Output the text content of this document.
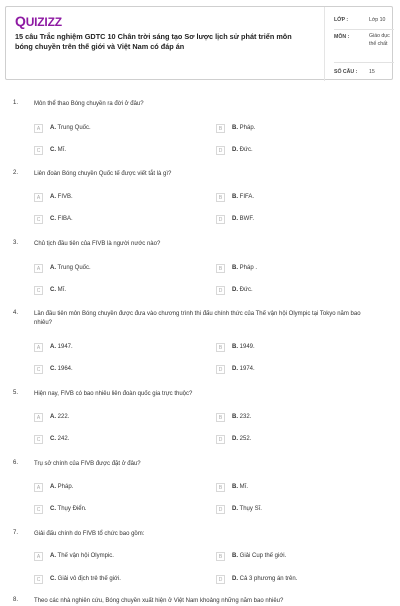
QUIZIZZ
15 câu Trắc nghiệm GDTC 10 Chân trời sáng tạo Sơ lược lịch sử phát triển môn bóng chuyền trên thế giới và Việt Nam có đáp án
LỚP :	Lớp 10
MÔN :	Giáo dục thể chất
SỐ CÂU : 15
1.	Môn thể thao Bóng chuyền ra đời ở đâu?
A	A. Trung Quốc.	B	B. Pháp.
C	C. Mĩ.	D	D. Đức.
2.	Liên đoàn Bóng chuyền Quốc tế được viết tắt là gì?
A	A. FIVB.	B	B. FIFA.
C	C. FIBA.	D	D. BWF.
3.	Chủ tịch đầu tiên của FIVB là người nước nào?
A	A. Trung Quốc.	B	B. Pháp .
C	C. Mĩ.	D	D. Đức.
4.	Lần đầu tiên môn Bóng chuyền được đưa vào chương trình thi đấu chính thức của Thế vận hội Olympic tại Tokyo năm bao nhiêu?
A	A. 1947.	B	B. 1949.
C	C. 1964.	D	D. 1974.
5.	Hiện nay, FIVB có bao nhiêu liên đoàn quốc gia trực thuộc?
A	A. 222.	B	B. 232.
C	C. 242.	D	D. 252.
6.	Trụ sở chính của FIVB được đặt ở đâu?
A	A. Pháp.	B	B. Mĩ.
C	C. Thụy Điển.	D	D. Thụy Sĩ.
7.	Giải đấu chính do FIVB tổ chức bao gồm:
A	A. Thế vận hội Olympic.	B	B. Giải Cup thế giới.
C	C. Giải vô địch trẻ thế giới.	D	D. Cả 3 phương án trên.
8.	Theo các nhà nghiên cứu, Bóng chuyền xuất hiện ở Việt Nam khoảng những năm bao nhiêu?
